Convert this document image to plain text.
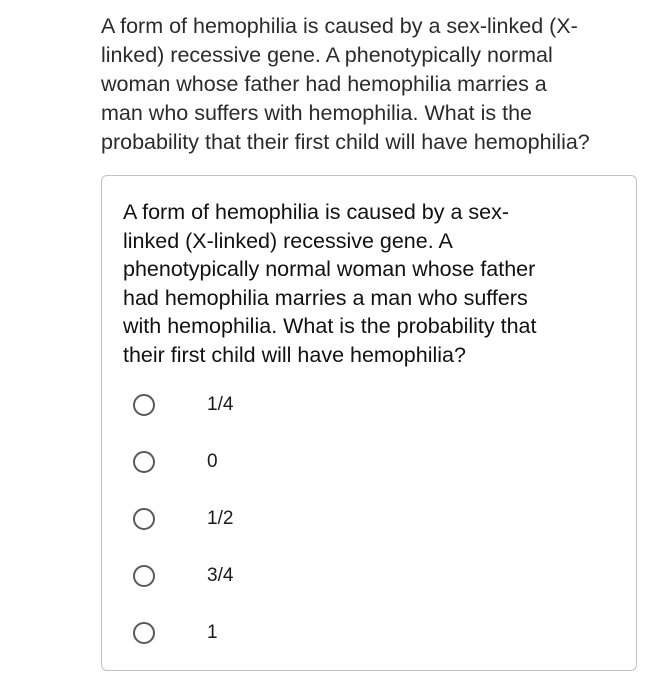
A form of hemophilia is caused by a sex-linked (X-
linked) recessive gene. A phenotypically normal
woman whose father had hemophilia marries a
man who suffers with hemophilia. What is the
probability that their first child will have hemophilia?

A form of hemophilia is caused by a sex-
linked (X-linked) recessive gene. A
phenotypically normal woman whose father
had hemophilia marries a man who suffers
with hemophilia. What is the probability that
their first child will have hemophilia?

1/4
0
1/2
3/4
1
